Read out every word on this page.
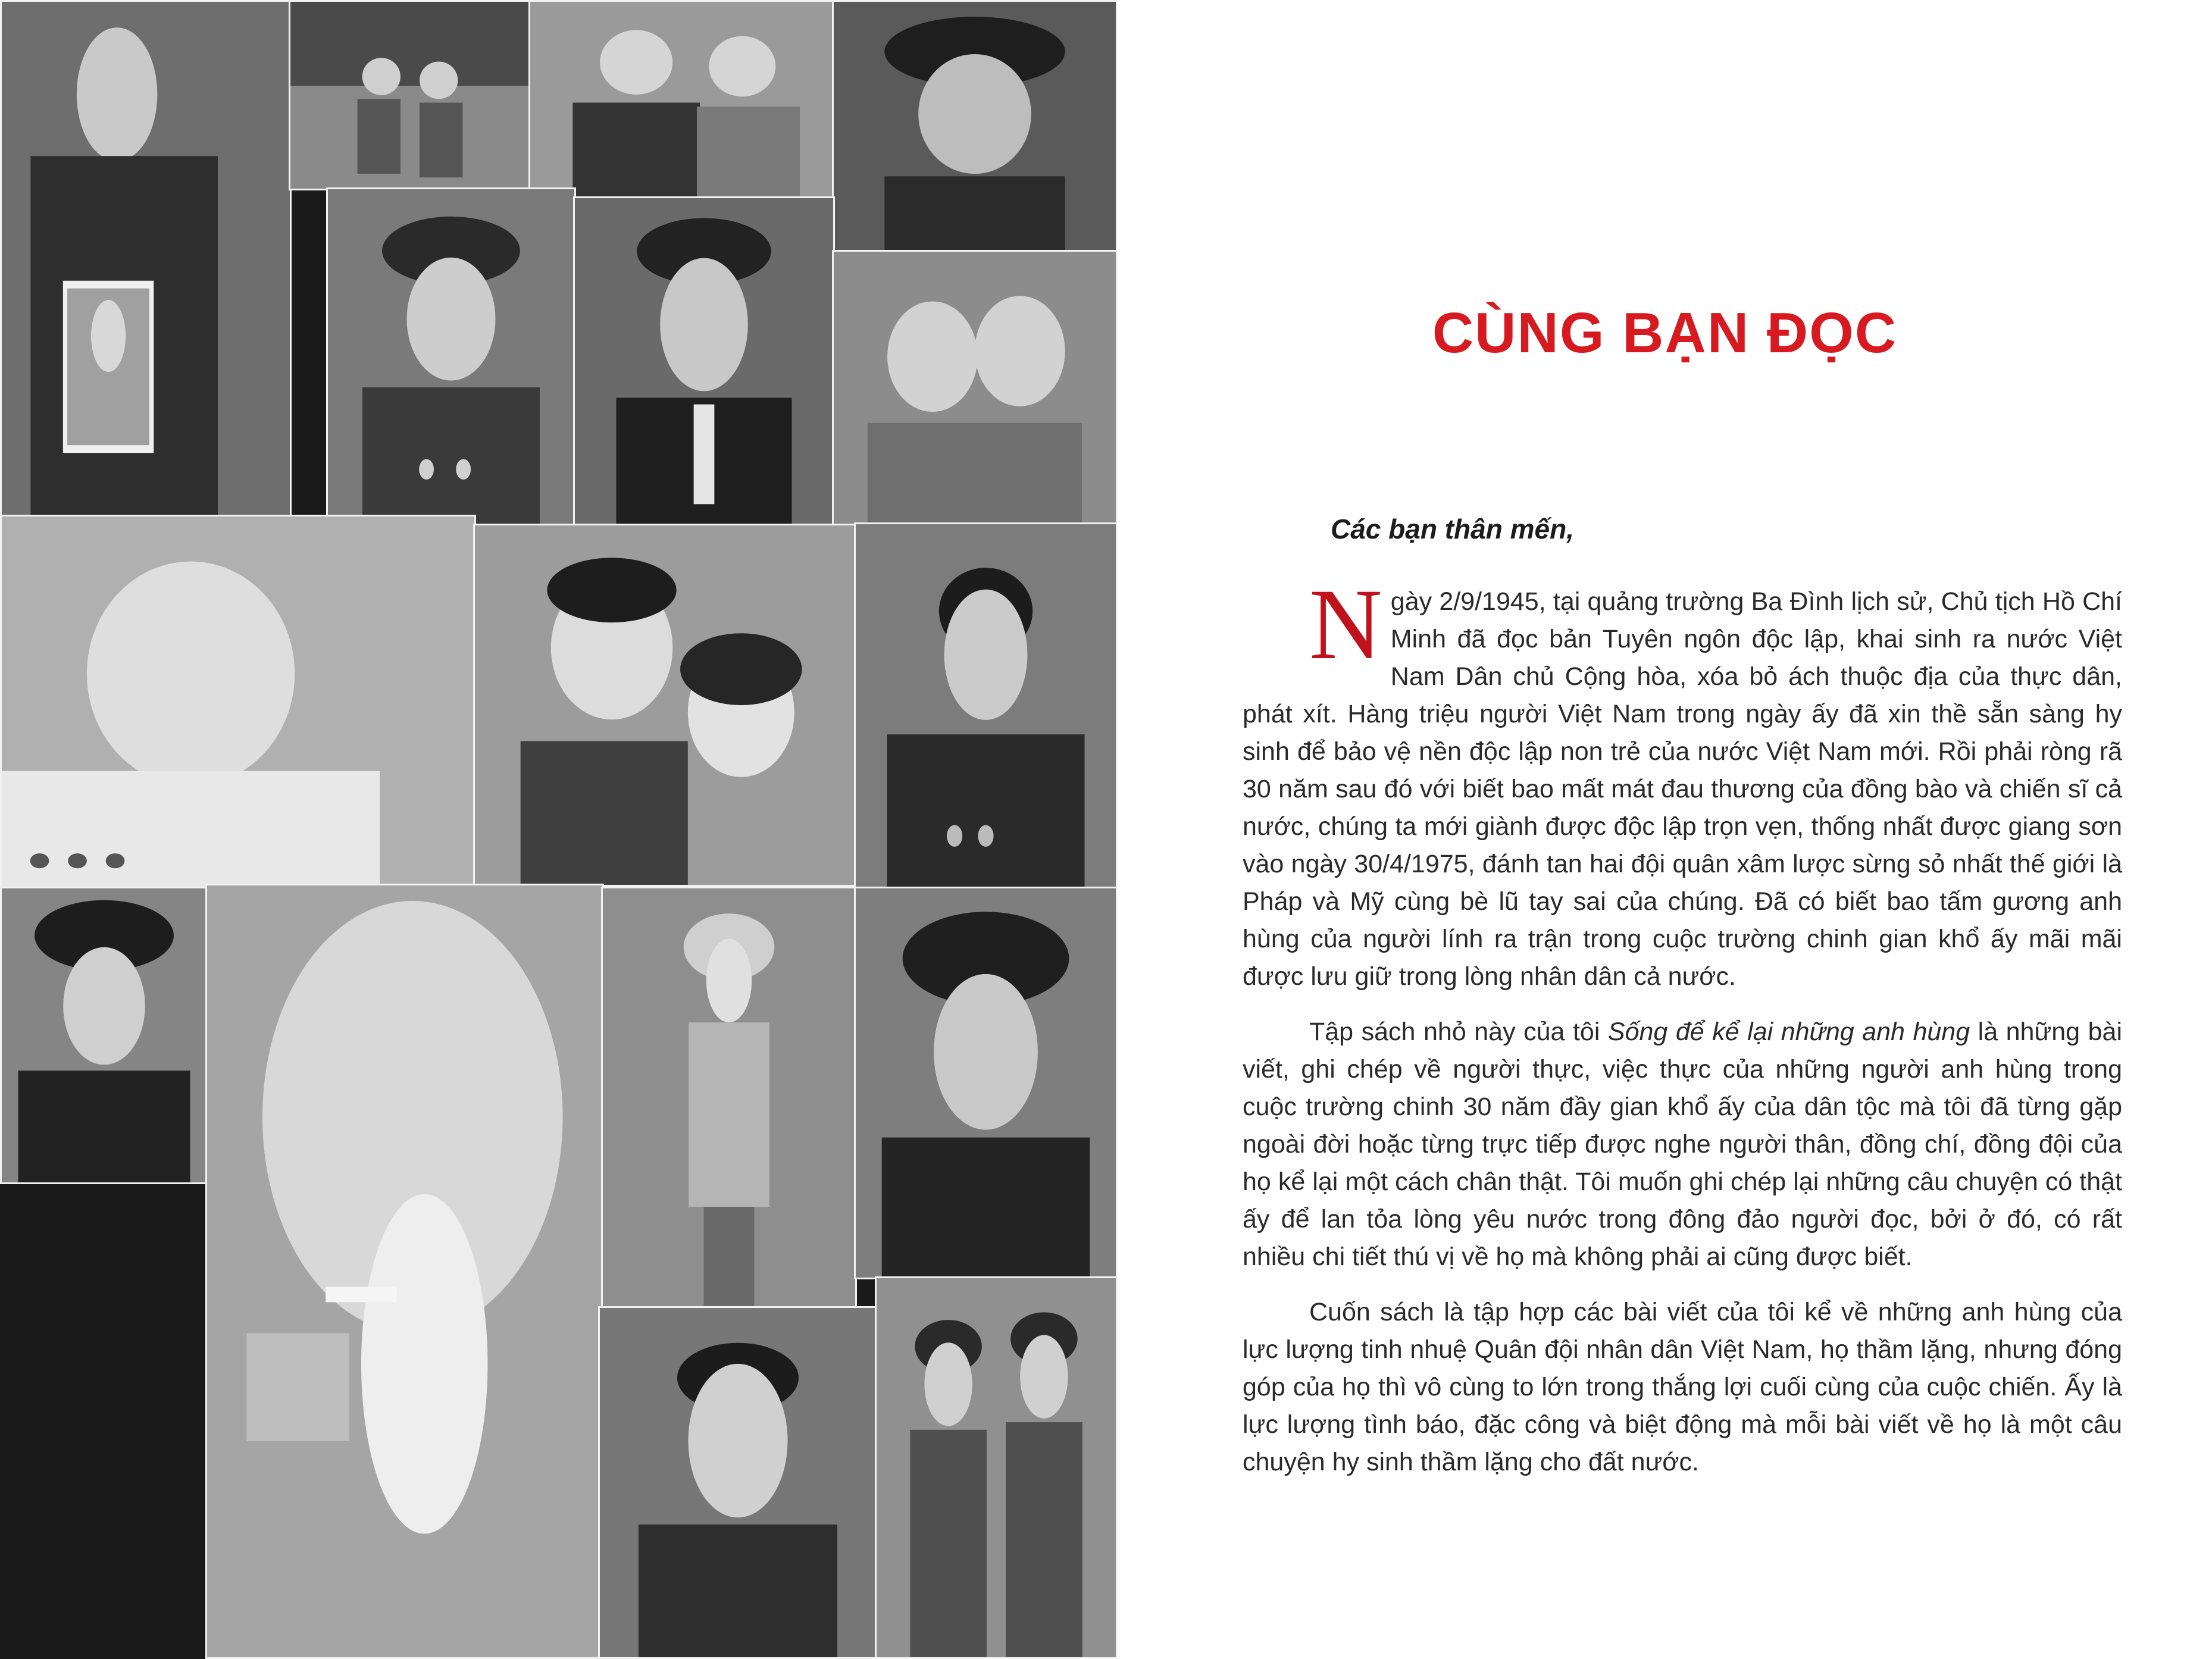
CÙNG BẠN ĐỌC

Các bạn thân mến,

Ngày 2/9/1945, tại quảng trường Ba Đình lịch sử, Chủ tịch Hồ Chí Minh đã đọc bản Tuyên ngôn độc lập, khai sinh ra nước Việt Nam Dân chủ Cộng hòa, xóa bỏ ách thuộc địa của thực dân, phát xít. Hàng triệu người Việt Nam trong ngày ấy đã xin thề sẵn sàng hy sinh để bảo vệ nền độc lập non trẻ của nước Việt Nam mới. Rồi phải ròng rã 30 năm sau đó với biết bao mất mát đau thương của đồng bào và chiến sĩ cả nước, chúng ta mới giành được độc lập trọn vẹn, thống nhất được giang sơn vào ngày 30/4/1975, đánh tan hai đội quân xâm lược sừng sỏ nhất thế giới là Pháp và Mỹ cùng bè lũ tay sai của chúng. Đã có biết bao tấm gương anh hùng của người lính ra trận trong cuộc trường chinh gian khổ ấy mãi mãi được lưu giữ trong lòng nhân dân cả nước.

Tập sách nhỏ này của tôi Sống để kể lại những anh hùng là những bài viết, ghi chép về người thực, việc thực của những người anh hùng trong cuộc trường chinh 30 năm đầy gian khổ ấy của dân tộc mà tôi đã từng gặp ngoài đời hoặc từng trực tiếp được nghe người thân, đồng chí, đồng đội của họ kể lại một cách chân thật. Tôi muốn ghi chép lại những câu chuyện có thật ấy để lan tỏa lòng yêu nước trong đông đảo người đọc, bởi ở đó, có rất nhiều chi tiết thú vị về họ mà không phải ai cũng được biết.

Cuốn sách là tập hợp các bài viết của tôi kể về những anh hùng của lực lượng tinh nhuệ Quân đội nhân dân Việt Nam, họ thầm lặng, nhưng đóng góp của họ thì vô cùng to lớn trong thắng lợi cuối cùng của cuộc chiến. Ấy là lực lượng tình báo, đặc công và biệt động mà mỗi bài viết về họ là một câu chuyện hy sinh thầm lặng cho đất nước.
